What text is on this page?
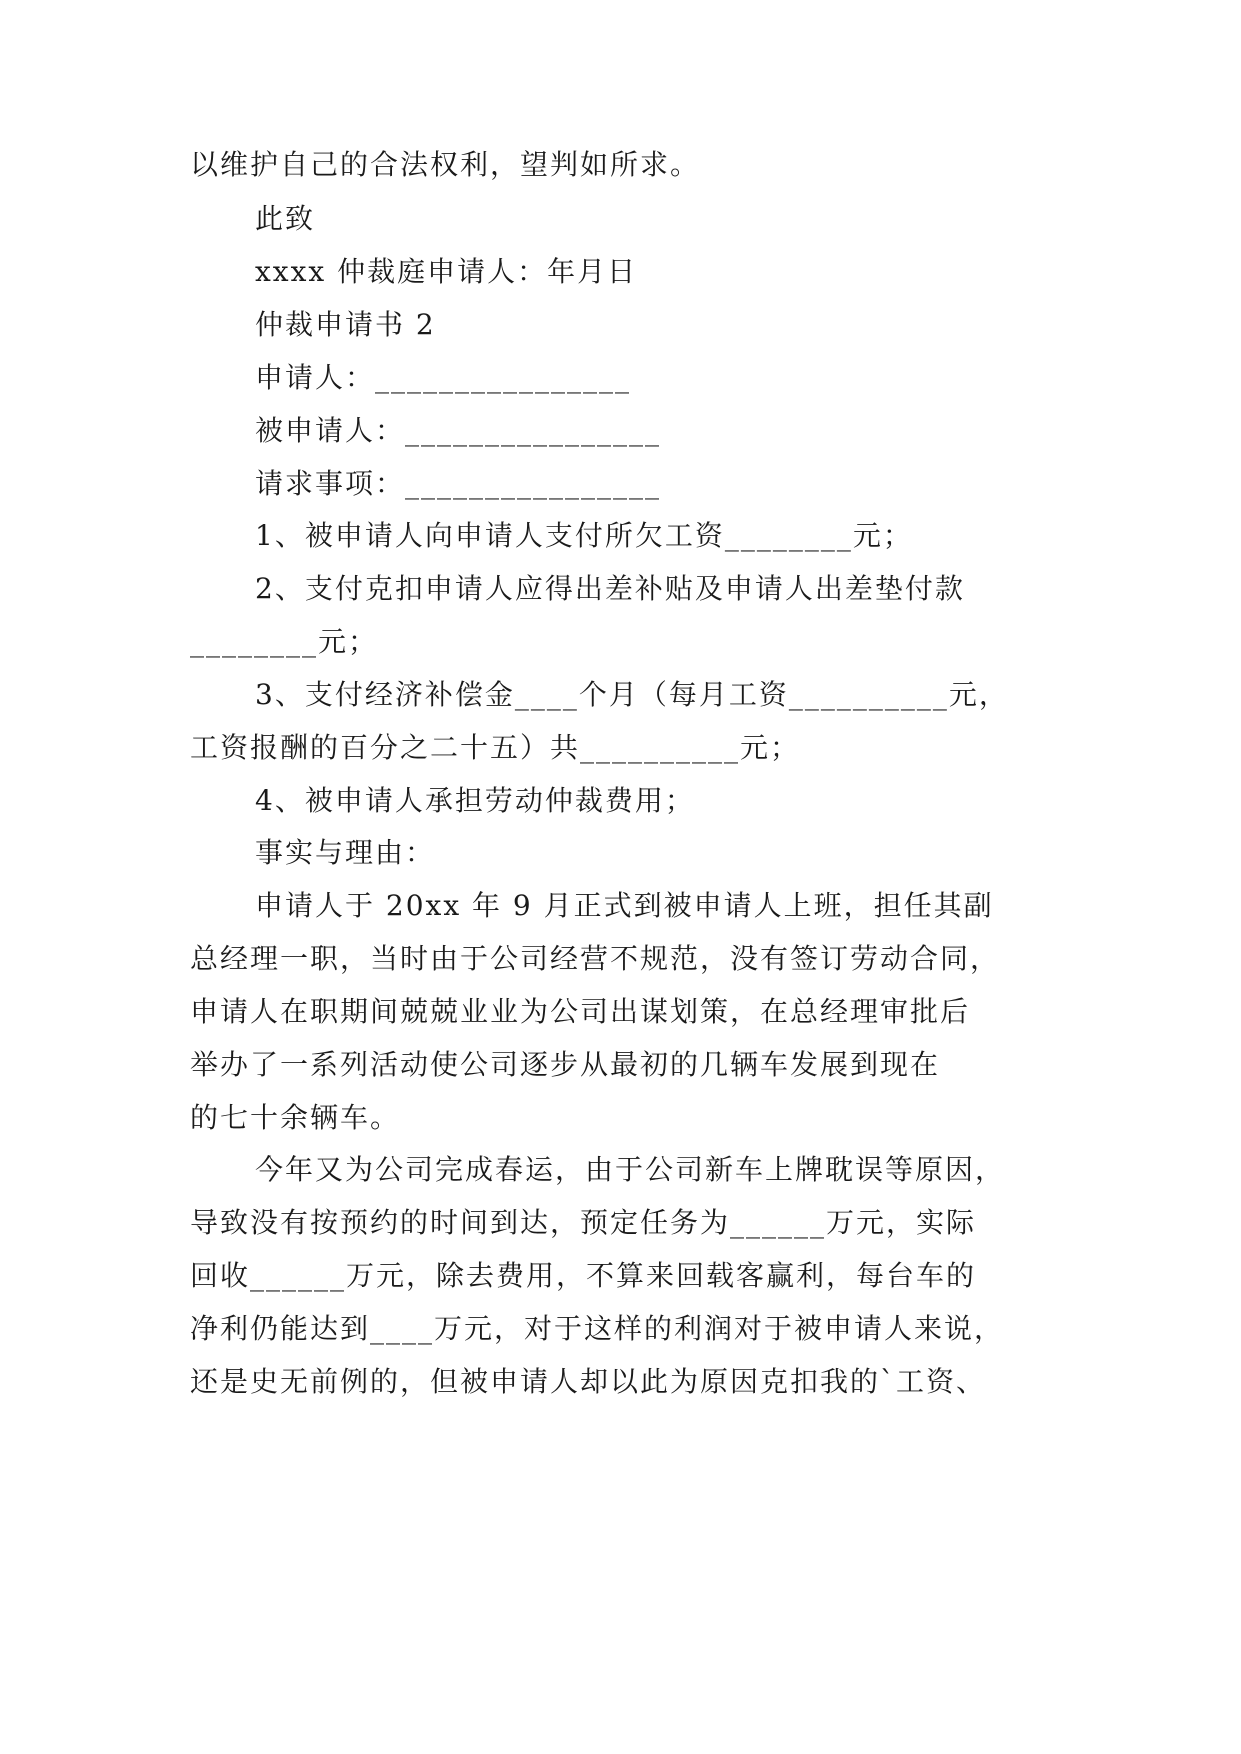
以维护自己的合法权利，望判如所求。
此致
xxxx 仲裁庭申请人：年月日
仲裁申请书 2
申请人：________________
被申请人：________________
请求事项：________________
1、被申请人向申请人支付所欠工资________元；
2、支付克扣申请人应得出差补贴及申请人出差垫付款
________元；
3、支付经济补偿金____个月（每月工资__________元，
工资报酬的百分之二十五）共__________元；
4、被申请人承担劳动仲裁费用；
事实与理由：
申请人于 20xx 年 9 月正式到被申请人上班，担任其副
总经理一职，当时由于公司经营不规范，没有签订劳动合同，
申请人在职期间兢兢业业为公司出谋划策，在总经理审批后
举办了一系列活动使公司逐步从最初的几辆车发展到现在
的七十余辆车。
今年又为公司完成春运，由于公司新车上牌耽误等原因，
导致没有按预约的时间到达，预定任务为______万元，实际
回收______万元，除去费用，不算来回载客赢利，每台车的
净利仍能达到____万元，对于这样的利润对于被申请人来说，
还是史无前例的，但被申请人却以此为原因克扣我的`工资、
